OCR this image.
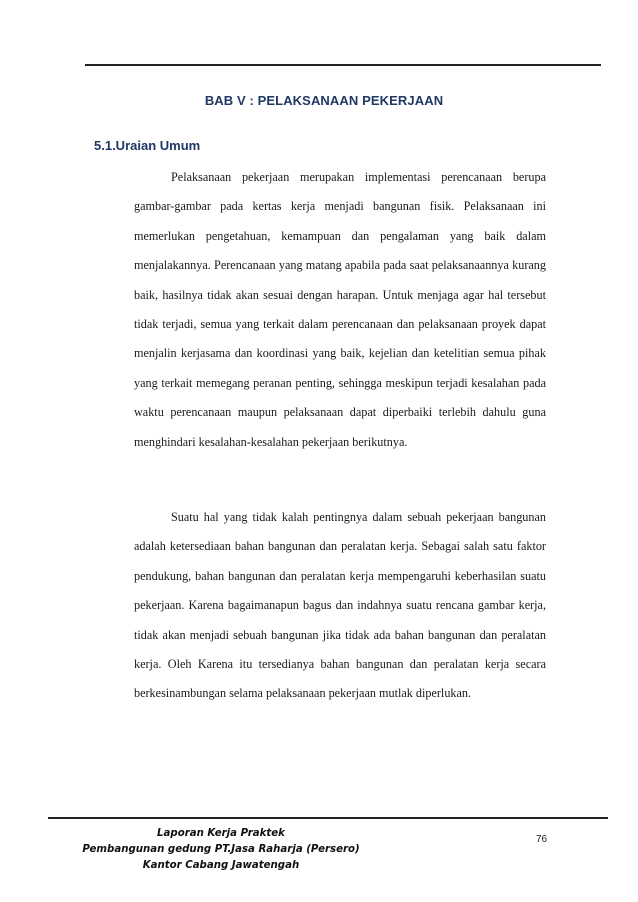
BAB V : PELAKSANAAN PEKERJAAN
5.1.Uraian Umum

Pelaksanaan pekerjaan merupakan implementasi perencanaan berupa gambar-gambar pada kertas kerja menjadi bangunan fisik. Pelaksanaan ini memerlukan pengetahuan, kemampuan dan pengalaman yang baik dalam menjalakannya. Perencanaan yang matang apabila pada saat pelaksanaannya kurang baik, hasilnya tidak akan sesuai dengan harapan. Untuk menjaga agar hal tersebut tidak terjadi, semua yang terkait dalam perencanaan dan pelaksanaan proyek dapat menjalin kerjasama dan koordinasi yang baik, kejelian dan ketelitian semua pihak yang terkait memegang peranan penting, sehingga meskipun terjadi kesalahan pada waktu perencanaan maupun pelaksanaan dapat diperbaiki terlebih dahulu guna menghindari kesalahan-kesalahan pekerjaan berikutnya.

Suatu hal yang tidak kalah pentingnya dalam sebuah pekerjaan bangunan adalah ketersediaan bahan bangunan dan peralatan kerja. Sebagai salah satu faktor pendukung, bahan bangunan dan peralatan kerja mempengaruhi keberhasilan suatu pekerjaan. Karena bagaimanapun bagus dan indahnya suatu rencana gambar kerja, tidak akan menjadi sebuah bangunan jika tidak ada bahan bangunan dan peralatan kerja. Oleh Karena itu tersedianya bahan bangunan dan peralatan kerja secara berkesinambungan selama pelaksanaan pekerjaan mutlak diperlukan.

Laporan Kerja Praktek
Pembangunan gedung PT.Jasa Raharja (Persero)
Kantor Cabang Jawatengah
76
